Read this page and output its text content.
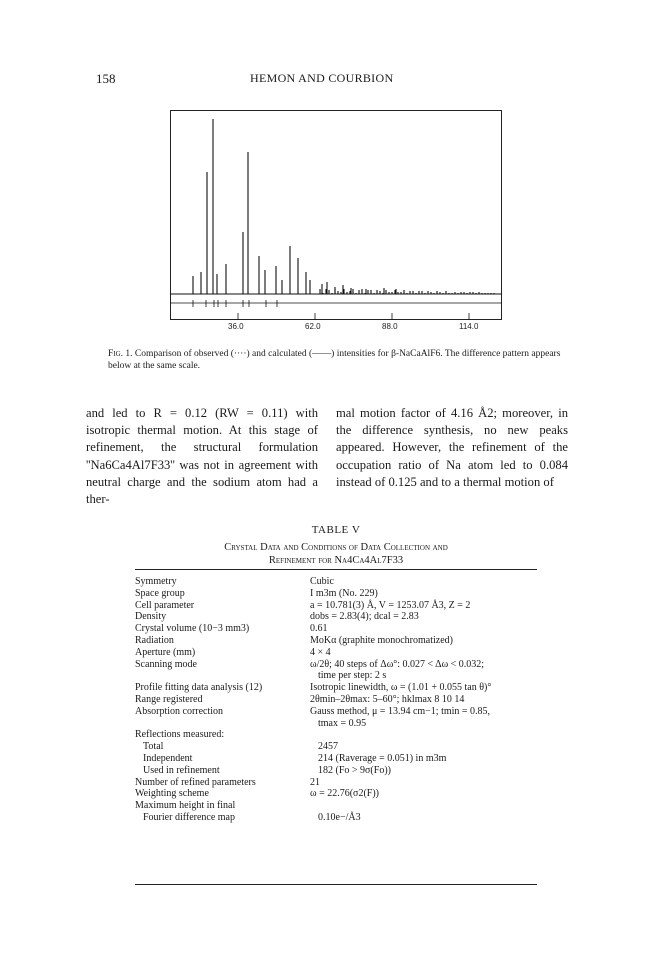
158	HEMON AND COURBION
36.0	62.0	88.0	114.0
Fig. 1. Comparison of observed (····) and calculated (——) intensities for β-NaCaAlF6. The difference pattern appears below at the same scale.
and led to R = 0.12 (RW = 0.11) with isotropic thermal motion. At this stage of refinement, the structural formulation ''Na6Ca4Al7F33'' was not in agreement with neutral charge and the sodium atom had a ther-
mal motion factor of 4.16 Å2; moreover, in the difference synthesis, no new peaks appeared. However, the refinement of the occupation ratio of Na atom led to 0.084 instead of 0.125 and to a thermal motion of
TABLE V
Crystal Data and Conditions of Data Collection and
Refinement for Na4Ca4Al7F33
Symmetry	Cubic
Space group	I m3m (No. 229)
Cell parameter	a = 10.781(3) Å, V = 1253.07 Å3, Z = 2
Density	dobs = 2.83(4); dcal = 2.83
Crystal volume (10−3 mm3)	0.61
Radiation	MoKα (graphite monochromatized)
Aperture (mm)	4 × 4
Scanning mode	ω/2θ; 40 steps of Δω°: 0.027 < Δω < 0.032;
time per step: 2 s
Profile fitting data analysis (12)	Isotropic linewidth, ω = (1.01 + 0.055 tan θ)°
Range registered	2θmin–2θmax: 5–60°; hklmax 8 10 14
Absorption correction	Gauss method, μ = 13.94 cm−1; tmin = 0.85,
tmax = 0.95
Reflections measured:
Total	2457
Independent	214 (Raverage = 0.051) in m3m
Used in refinement	182 (Fo > 9σ(Fo))
Number of refined parameters	21
Weighting scheme	ω = 22.76(σ2(F))
Maximum height in final
Fourier difference map	0.10e−/Å3
